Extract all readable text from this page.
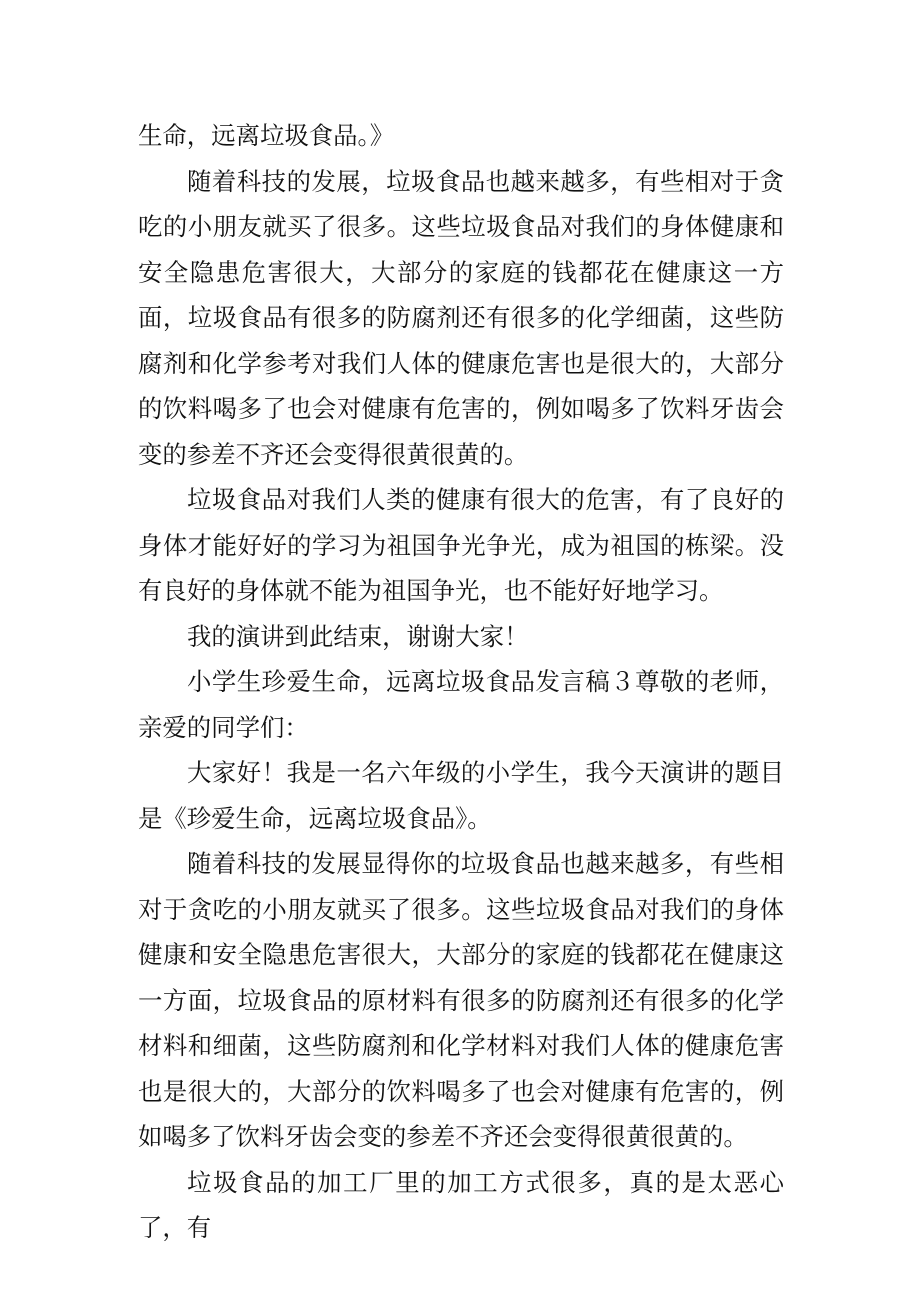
生命，远离垃圾食品。》

随着科技的发展，垃圾食品也越来越多，有些相对于贪吃的小朋友就买了很多。这些垃圾食品对我们的身体健康和安全隐患危害很大，大部分的家庭的钱都花在健康这一方面，垃圾食品有很多的防腐剂还有很多的化学细菌，这些防腐剂和化学参考对我们人体的健康危害也是很大的，大部分的饮料喝多了也会对健康有危害的，例如喝多了饮料牙齿会变的参差不齐还会变得很黄很黄的。

垃圾食品对我们人类的健康有很大的危害，有了良好的身体才能好好的学习为祖国争光争光，成为祖国的栋梁。没有良好的身体就不能为祖国争光，也不能好好地学习。

我的演讲到此结束，谢谢大家！

小学生珍爱生命，远离垃圾食品发言稿３尊敬的老师，亲爱的同学们：

大家好！我是一名六年级的小学生，我今天演讲的题目是《珍爱生命，远离垃圾食品》。

随着科技的发展显得你的垃圾食品也越来越多，有些相对于贪吃的小朋友就买了很多。这些垃圾食品对我们的身体健康和安全隐患危害很大，大部分的家庭的钱都花在健康这一方面，垃圾食品的原材料有很多的防腐剂还有很多的化学材料和细菌，这些防腐剂和化学材料对我们人体的健康危害也是很大的，大部分的饮料喝多了也会对健康有危害的，例如喝多了饮料牙齿会变的参差不齐还会变得很黄很黄的。

垃圾食品的加工厂里的加工方式很多，真的是太恶心了，有
